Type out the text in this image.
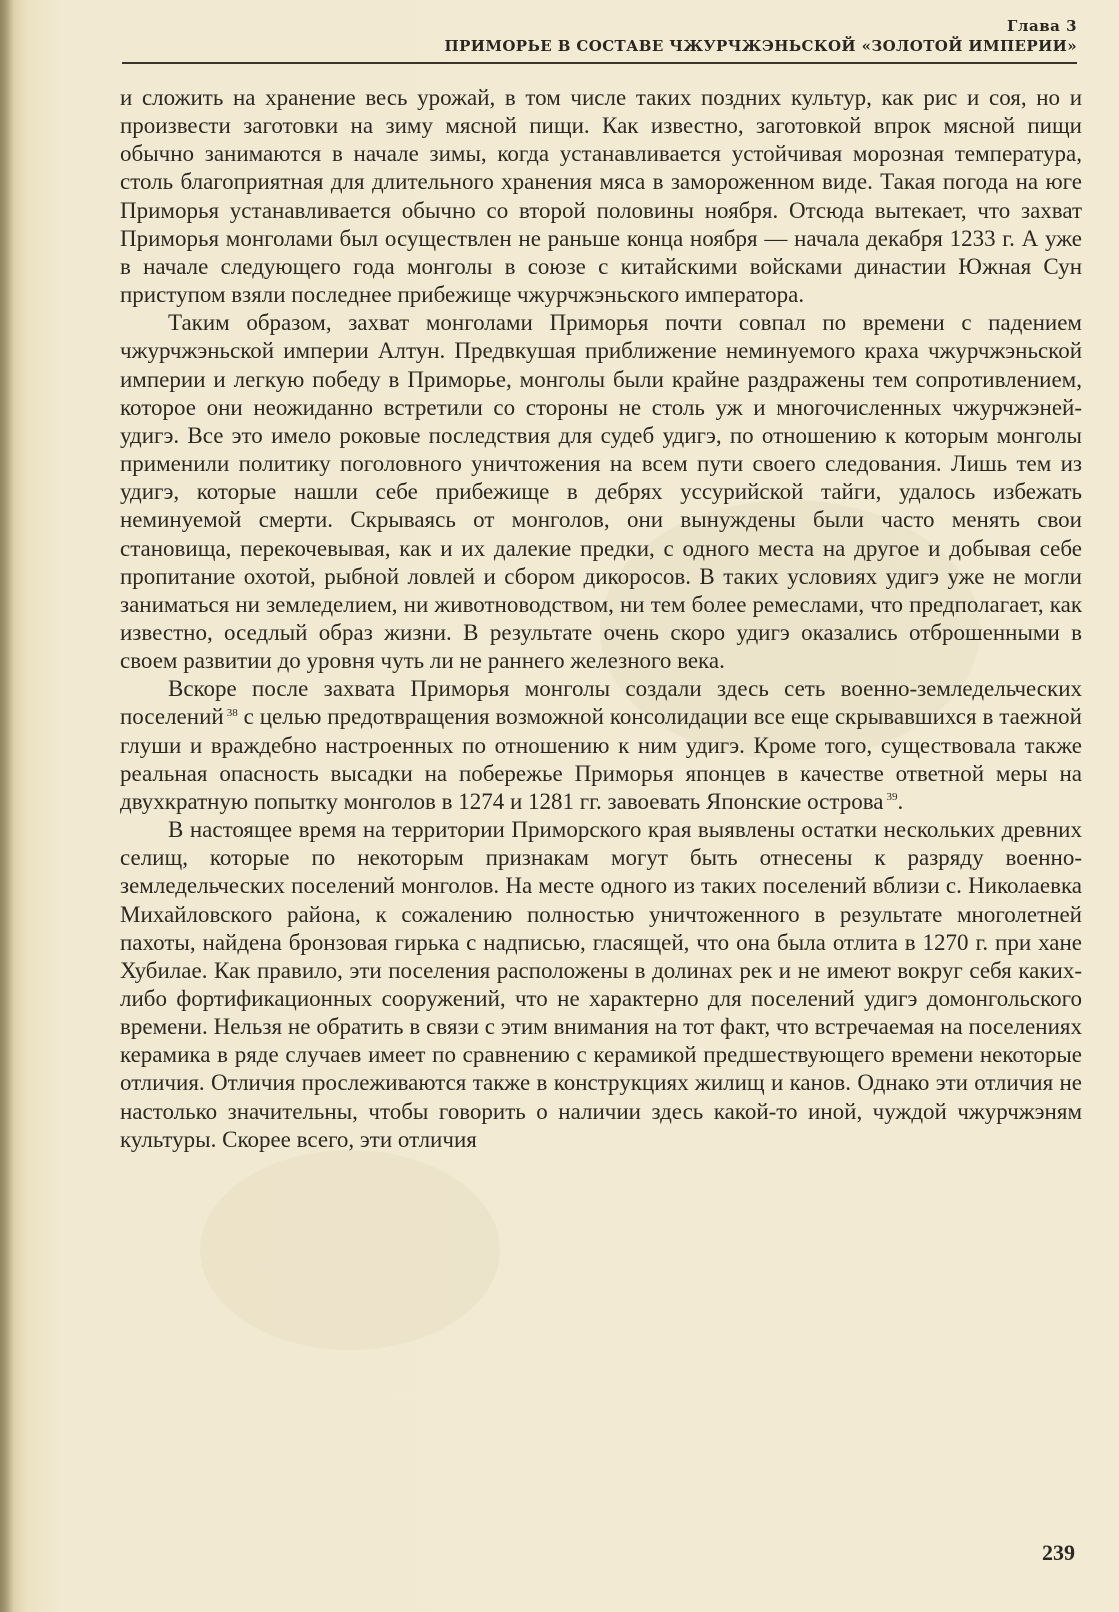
Глава 3
ПРИМОРЬЕ В СОСТАВЕ ЧЖУРЧЖЭНЬСКОЙ «ЗОЛОТОЙ ИМПЕРИИ»

и сложить на хранение весь урожай, в том числе таких поздних культур, как рис и соя, но и произвести заготовки на зиму мясной пищи. Как известно, заготовкой впрок мясной пищи обычно занимаются в начале зимы, когда устанавливается устойчивая морозная температура, столь благоприятная для длительного хранения мяса в замороженном виде. Такая погода на юге Приморья устанавливается обычно со второй половины ноября. Отсюда вытекает, что захват Приморья монголами был осуществлен не раньше конца ноября — начала декабря 1233 г. А уже в начале следующего года монголы в союзе с китайскими войсками династии Южная Сун приступом взяли последнее прибежище чжурчжэньского императора.

Таким образом, захват монголами Приморья почти совпал по времени с падением чжурчжэньской империи Алтун. Предвкушая приближение неминуемого краха чжурчжэньской империи и легкую победу в Приморье, монголы были крайне раздражены тем сопротивлением, которое они неожиданно встретили со стороны не столь уж и многочисленных чжурчжэней-удигэ. Все это имело роковые последствия для судеб удигэ, по отношению к которым монголы применили политику поголовного уничтожения на всем пути своего следования. Лишь тем из удигэ, которые нашли себе прибежище в дебрях уссурийской тайги, удалось избежать неминуемой смерти. Скрываясь от монголов, они вынуждены были часто менять свои становища, перекочевывая, как и их далекие предки, с одного места на другое и добывая себе пропитание охотой, рыбной ловлей и сбором дикоросов. В таких условиях удигэ уже не могли заниматься ни земледелием, ни животноводством, ни тем более ремеслами, что предполагает, как известно, оседлый образ жизни. В результате очень скоро удигэ оказались отброшенными в своем развитии до уровня чуть ли не раннего железного века.

Вскоре после захвата Приморья монголы создали здесь сеть военно-земледельческих поселений $^{38}$ с целью предотвращения возможной консолидации все еще скрывавшихся в таежной глуши и враждебно настроенных по отношению к ним удигэ. Кроме того, существовала также реальная опасность высадки на побережье Приморья японцев в качестве ответной меры на двухкратную попытку монголов в 1274 и 1281 гг. завоевать Японские острова $^{39}$.

В настоящее время на территории Приморского края выявлены остатки нескольких древних селищ, которые по некоторым признакам могут быть отнесены к разряду военно-земледельческих поселений монголов. На месте одного из таких поселений вблизи с. Николаевка Михайловского района, к сожалению полностью уничтоженного в результате многолетней пахоты, найдена бронзовая гирька с надписью, гласящей, что она была отлита в 1270 г. при хане Хубилае. Как правило, эти поселения расположены в долинах рек и не имеют вокруг себя каких-либо фортификационных сооружений, что не характерно для поселений удигэ домонгольского времени. Нельзя не обратить в связи с этим внимания на тот факт, что встречаемая на поселениях керамика в ряде случаев имеет по сравнению с керамикой предшествующего времени некоторые отличия. Отличия прослеживаются также в конструкциях жилищ и канов. Однако эти отличия не настолько значительны, чтобы говорить о наличии здесь какой-то иной, чуждой чжурчжэням культуры. Скорее всего, эти отличия

239
